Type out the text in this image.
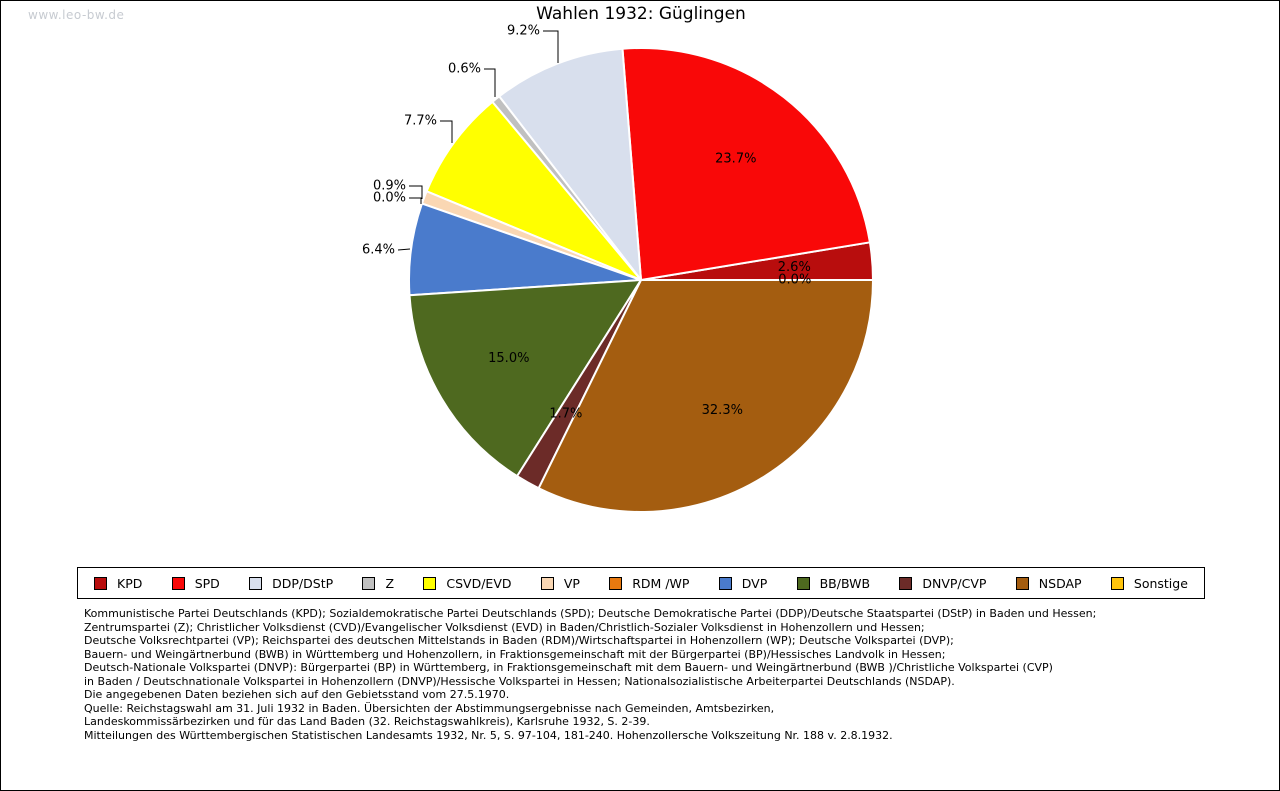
www.leo-bw.de	Wahlen 1932: Güglingen
2.6%
23.7%
9.2%
0.6%
7.7%
0.9%
0.0%
6.4%
15.0%
1.7%	32.3%
0.0%
KPD	SPD	DDP/DStP	Z	CSVD/EVD	VP	RDM /WP	DVP	BB/BWB	DNVP/CVP	NSDAP	Sonstige
Kommunistische Partei Deutschlands (KPD); Sozialdemokratische Partei Deutschlands (SPD); Deutsche Demokratische Partei (DDP)/Deutsche Staatspartei (DStP) in Baden und Hessen;
Zentrumspartei (Z); Christlicher Volksdienst (CVD)/Evangelischer Volksdienst (EVD) in Baden/Christlich-Sozialer Volksdienst in Hohenzollern und Hessen;
Deutsche Volksrechtpartei (VP); Reichspartei des deutschen Mittelstands in Baden (RDM)/Wirtschaftspartei in Hohenzollern (WP); Deutsche Volkspartei (DVP);
Bauern- und Weingärtnerbund (BWB) in Württemberg und Hohenzollern, in Fraktionsgemeinschaft mit der Bürgerpartei (BP)/Hessisches Landvolk in Hessen;
Deutsch-Nationale Volkspartei (DNVP): Bürgerpartei (BP) in Württemberg, in Fraktionsgemeinschaft mit dem Bauern- und Weingärtnerbund (BWB )/Christliche Volkspartei (CVP)
in Baden / Deutschnationale Volkspartei in Hohenzollern (DNVP)/Hessische Volkspartei in Hessen; Nationalsozialistische Arbeiterpartei Deutschlands (NSDAP).
Die angegebenen Daten beziehen sich auf den Gebietsstand vom 27.5.1970.
Quelle: Reichstagswahl am 31. Juli 1932 in Baden. Übersichten der Abstimmungsergebnisse nach Gemeinden, Amtsbezirken,
Landeskommissärbezirken und für das Land Baden (32. Reichstagswahlkreis), Karlsruhe 1932, S. 2-39.
Mitteilungen des Württembergischen Statistischen Landesamts 1932, Nr. 5, S. 97-104, 181-240. Hohenzollersche Volkszeitung Nr. 188 v. 2.8.1932.
